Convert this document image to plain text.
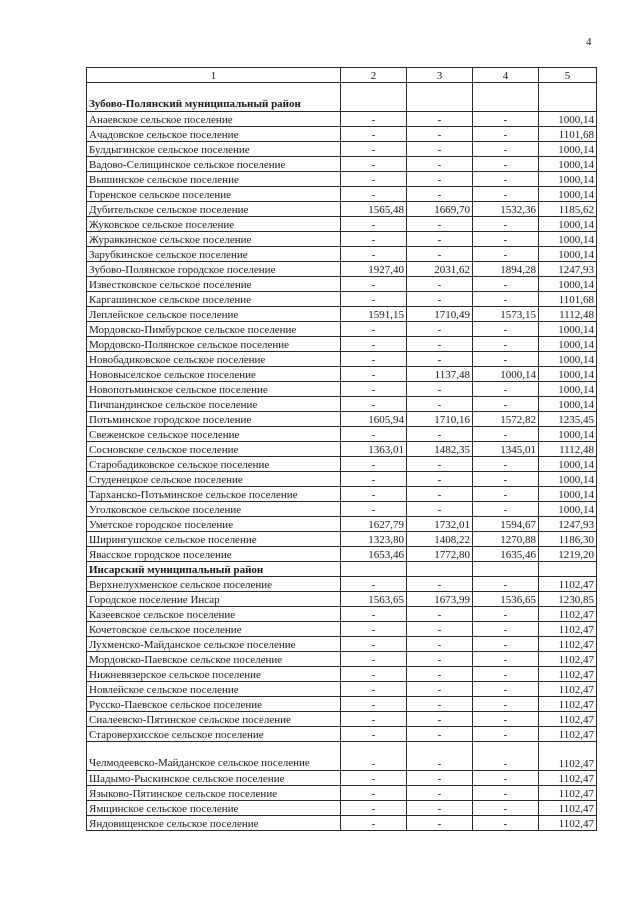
4
1	2	3	4	5
Зубово-Полянский муниципальный район				
Анаевское сельское поселение	-	-	-	1000,14
Ачадовское сельское поселение	-	-	-	1101,68
Булдыгинское сельское поселение	-	-	-	1000,14
Вадово-Селищинское сельское поселение	-	-	-	1000,14
Вышинское сельское поселение	-	-	-	1000,14
Горенское сельское поселение	-	-	-	1000,14
Дубительское сельское поселение	1565,48	1669,70	1532,36	1185,62
Жуковское сельское поселение	-	-	-	1000,14
Журавкинское сельское поселение	-	-	-	1000,14
Зарубкинское сельское поселение	-	-	-	1000,14
Зубово-Полянское городское поселение	1927,40	2031,62	1894,28	1247,93
Известковское сельское поселение	-	-	-	1000,14
Каргашинское сельское поселение	-	-	-	1101,68
Леплейское сельское поселение	1591,15	1710,49	1573,15	1112,48
Мордовско-Пимбурское сельское поселение	-	-	-	1000,14
Мордовско-Полянское сельское поселение	-	-	-	1000,14
Новобадиковское сельское поселение	-	-	-	1000,14
Нововыселское сельское поселение	-	1137,48	1000,14	1000,14
Новопотьминское сельское поселение	-	-	-	1000,14
Пичпандинское сельское поселение	-	-	-	1000,14
Потьминское городское поселение	1605,94	1710,16	1572,82	1235,45
Свеженское сельское поселение	-	-	-	1000,14
Сосновское сельское поселение	1363,01	1482,35	1345,01	1112,48
Старобадиковское сельское поселение	-	-	-	1000,14
Студенецкое сельское поселение	-	-	-	1000,14
Тарханско-Потьминское сельское поселение	-	-	-	1000,14
Уголковское сельское поселение	-	-	-	1000,14
Уметское городское поселение	1627,79	1732,01	1594,67	1247,93
Ширингушское сельское поселение	1323,80	1408,22	1270,88	1186,30
Явасское городское поселение	1653,46	1772,80	1635,46	1219,20
Инсарский муниципальный район				
Верхнелухменское сельское поселение	-	-	-	1102,47
Городское поселение Инсар	1563,65	1673,99	1536,65	1230,85
Казеевское сельское поселение	-	-	-	1102,47
Кочетовское сельское поселение	-	-	-	1102,47
Лухменско-Майданское сельское поселение	-	-	-	1102,47
Мордовско-Паевское сельское поселение	-	-	-	1102,47
Нижневязерское сельское поселение	-	-	-	1102,47
Новлейское сельское поселение	-	-	-	1102,47
Русско-Паевское сельское поселение	-	-	-	1102,47
Сиалеевско-Пятинское сельское поселение	-	-	-	1102,47
Староверхисское сельское поселение	-	-	-	1102,47
Челмодеевско-Майданское сельское поселение	-	-	-	1102,47
Шадымо-Рыскинское сельское поселение	-	-	-	1102,47
Языково-Пятинское сельское поселение	-	-	-	1102,47
Ямщинское сельское поселение	-	-	-	1102,47
Яндовищенское сельское поселение	-	-	-	1102,47
